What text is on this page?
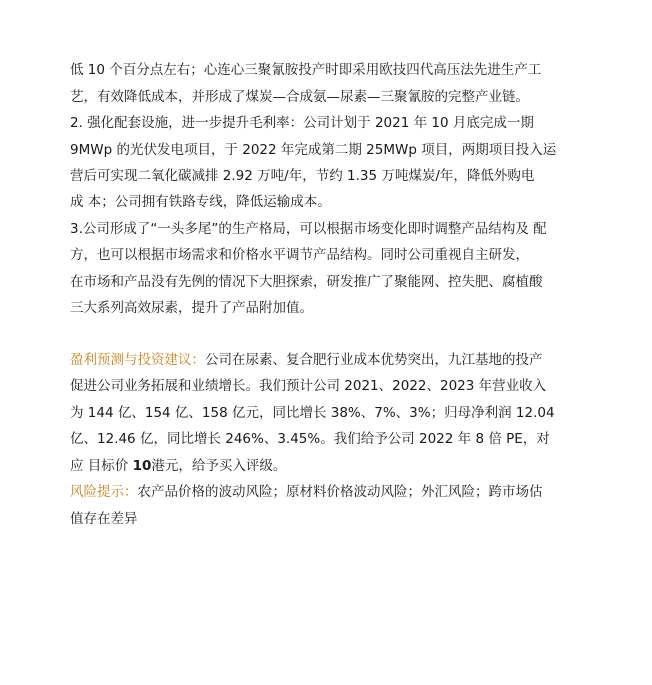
低 10 个百分点左右；心连心三聚氰胺投产时即采用欧技四代高压法先进生产工
艺，有效降低成本，并形成了煤炭—合成氨—尿素—三聚氰胺的完整产业链。
2. 强化配套设施，进一步提升毛利率：公司计划于 2021 年 10 月底完成一期
9MWp 的光伏发电项目，于 2022 年完成第二期 25MWp 项目，两期项目投入运
营后可实现二氧化碳减排 2.92 万吨/年，节约 1.35 万吨煤炭/年，降低外购电
成 本；公司拥有铁路专线，降低运输成本。
3.公司形成了“一头多尾”的生产格局，可以根据市场变化即时调整产品结构及 配
方，也可以根据市场需求和价格水平调节产品结构。同时公司重视自主研发，
在市场和产品没有先例的情况下大胆探索，研发推广了聚能网、控失肥、腐植酸
三大系列高效尿素，提升了产品附加值。
盈利预测与投资建议：公司在尿素、复合肥行业成本优势突出，九江基地的投产
促进公司业务拓展和业绩增长。我们预计公司 2021、2022、2023 年营业收入
为 144 亿、154 亿、158 亿元，同比增长 38%、7%、3%；归母净利润 12.04
亿、12.46 亿，同比增长 246%、3.45%。我们给予公司 2022 年 8 倍 PE，对
应 目标价 10港元，给予买入评级。
风险提示：农产品价格的波动风险；原材料价格波动风险；外汇风险；跨市场估
值存在差异
